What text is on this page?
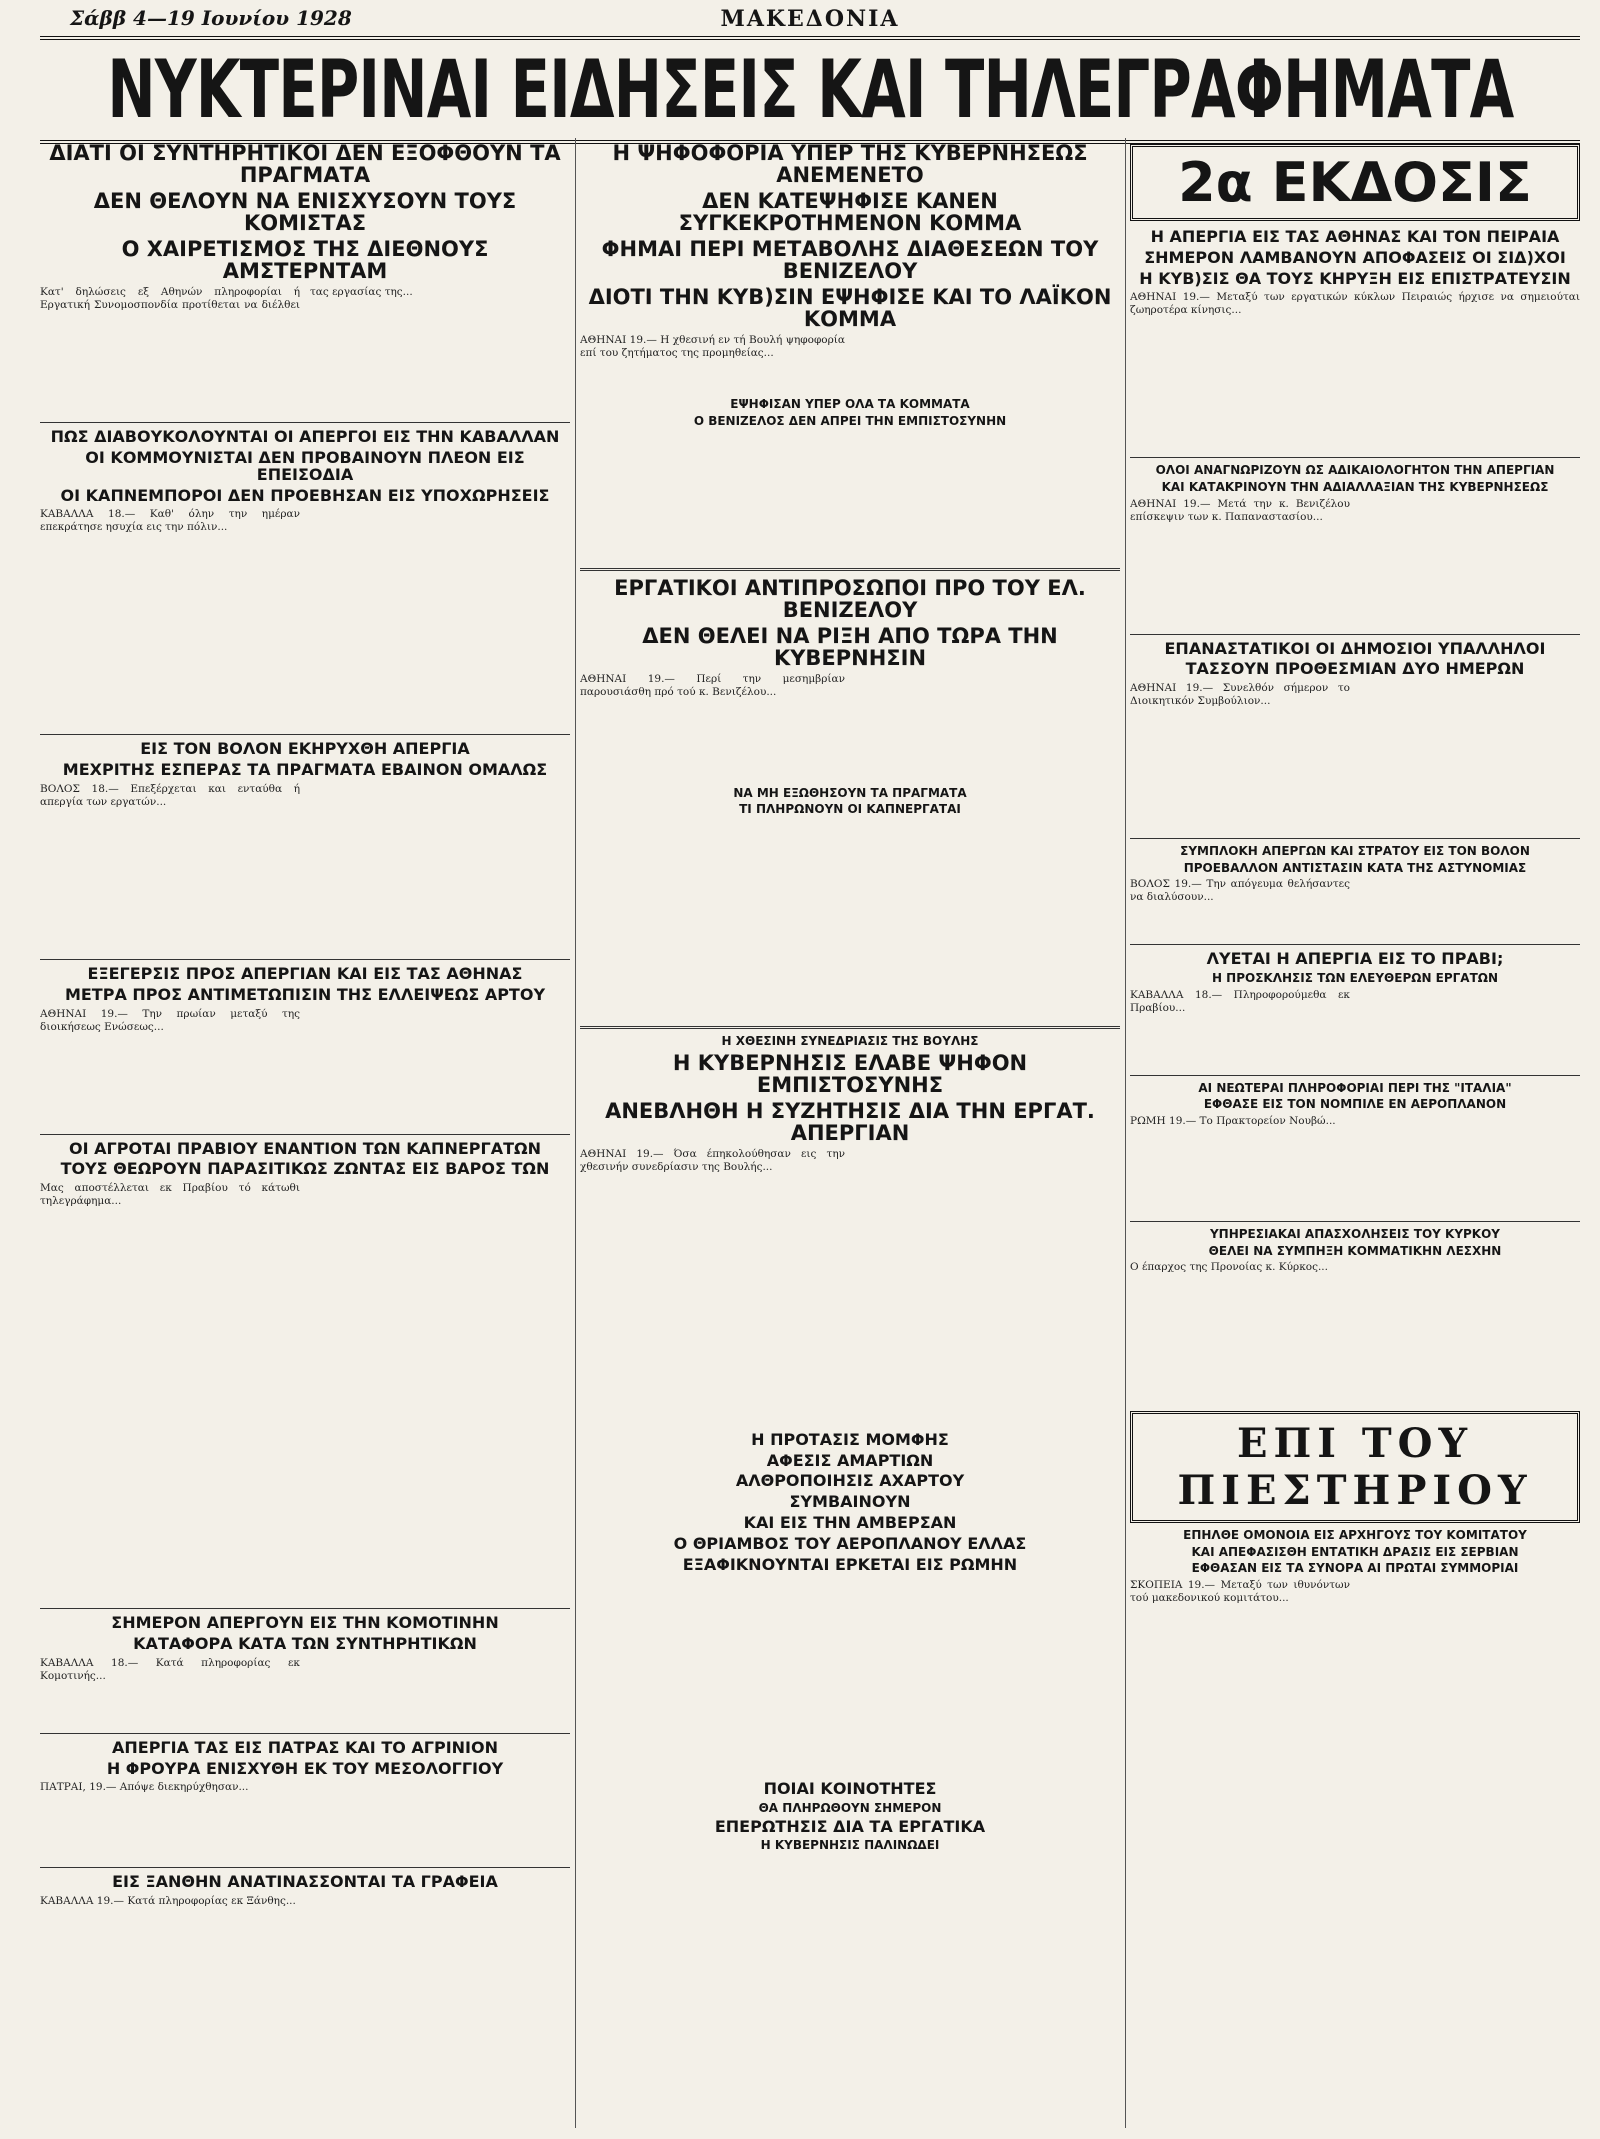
Σάββ 4—19 Ιουνίου 1928	ΜΑΚΕΔΟΝΙΑ
ΝΥΚΤΕΡΙΝΑΙ ΕΙΔΗΣΕΙΣ ΚΑΙ ΤΗΛΕΓΡΑΦΗΜΑΤΑ
ΔΙΑΤΙ ΟΙ ΣΥΝΤΗΡΗΤΙΚΟΙ ΔΕΝ ΕΞΟΦΘΟΥΝ ΤΑ ΠΡΑΓΜΑΤΑ
ΔΕΝ ΘΕΛΟΥΝ ΝΑ ΕΝΙΣΧΥΣΟΥΝ ΤΟΥΣ ΚΟΜΙΣΤΑΣ
Ο ΧΑΙΡΕΤΙΣΜΟΣ ΤΗΣ ΔΙΕΘΝΟΥΣ ΑΜΣΤΕΡΝΤΑΜ
Κατ' δηλώσεις εξ Αθηνών πληροφορίαι ή Εργατική Συνομοσπονδία προτίθεται να διέλθει τας εργασίας της...
ΠΩΣ ΔΙΑΒΟΥΚΟΛΟΥΝΤΑΙ ΟΙ ΑΠΕΡΓΟΙ ΕΙΣ ΤΗΝ ΚΑΒΑΛΛΑΝ
ΟΙ ΚΟΜΜΟΥΝΙΣΤΑΙ ΔΕΝ ΠΡΟΒΑΙΝΟΥΝ ΠΛΕΟΝ ΕΙΣ ΕΠΕΙΣΟΔΙΑ
ΟΙ ΚΑΠΝΕΜΠΟΡΟΙ ΔΕΝ ΠΡΟΕΒΗΣΑΝ ΕΙΣ ΥΠΟΧΩΡΗΣΕΙΣ
ΚΑΒΑΛΛΑ 18.— Καθ' όλην την ημέραν επεκράτησε ησυχία εις την πόλιν...
ΕΙΣ ΤΟΝ ΒΟΛΟΝ ΕΚΗΡΥΧΘΗ ΑΠΕΡΓΙΑ
ΜΕΧΡΙΤΗΣ ΕΣΠΕΡΑΣ ΤΑ ΠΡΑΓΜΑΤΑ ΕΒΑΙΝΟΝ ΟΜΑΛΩΣ
ΒΟΛΟΣ 18.— Επεξέρχεται και ενταύθα ή απεργία των εργατών...
ΕΞΕΓΕΡΣΙΣ ΠΡΟΣ ΑΠΕΡΓΙΑΝ ΚΑΙ ΕΙΣ ΤΑΣ ΑΘΗΝΑΣ
ΜΕΤΡΑ ΠΡΟΣ ΑΝΤΙΜΕΤΩΠΙΣΙΝ ΤΗΣ ΕΛΛΕΙΨΕΩΣ ΑΡΤΟΥ
ΑΘΗΝΑΙ 19.— Την πρωίαν μεταξύ της διοικήσεως Ενώσεως...
ΟΙ ΑΓΡΟΤΑΙ ΠΡΑΒΙΟΥ ΕΝΑΝΤΙΟΝ ΤΩΝ ΚΑΠΝΕΡΓΑΤΩΝ
ΤΟΥΣ ΘΕΩΡΟΥΝ ΠΑΡΑΣΙΤΙΚΩΣ ΖΩΝΤΑΣ ΕΙΣ ΒΑΡΟΣ ΤΩΝ
Μας αποστέλλεται εκ Πραβίου τό κάτωθι τηλεγράφημα...
ΣΗΜΕΡΟΝ ΑΠΕΡΓΟΥΝ ΕΙΣ ΤΗΝ ΚΟΜΟΤΙΝΗΝ
ΚΑΤΑΦΟΡΑ ΚΑΤΑ ΤΩΝ ΣΥΝΤΗΡΗΤΙΚΩΝ
ΚΑΒΑΛΛΑ 18.— Κατά πληροφορίας εκ Κομοτινής...
ΑΠΕΡΓΙΑ ΤΑΣ ΕΙΣ ΠΑΤΡΑΣ ΚΑΙ ΤΟ ΑΓΡΙΝΙΟΝ
Η ΦΡΟΥΡΑ ΕΝΙΣΧΥΘΗ ΕΚ ΤΟΥ ΜΕΣΟΛΟΓΓΙΟΥ
ΠΑΤΡΑΙ, 19.— Απόψε διεκηρύχθησαν...
ΕΙΣ ΞΑΝΘΗΝ ΑΝΑΤΙΝΑΣΣΟΝΤΑΙ ΤΑ ΓΡΑΦΕΙΑ
ΚΑΒΑΛΛΑ 19.— Κατά πληροφορίας εκ Ξάνθης...
Η ΨΗΦΟΦΟΡΙΑ ΥΠΕΡ ΤΗΣ ΚΥΒΕΡΝΗΣΕΩΣ ΑΝΕΜΕΝΕΤΟ
ΔΕΝ ΚΑΤΕΨΗΦΙΣΕ ΚΑΝΕΝ ΣΥΓΚΕΚΡΟΤΗΜΕΝΟΝ ΚΟΜΜΑ
ΦΗΜΑΙ ΠΕΡΙ ΜΕΤΑΒΟΛΗΣ ΔΙΑΘΕΣΕΩΝ ΤΟΥ ΒΕΝΙΖΕΛΟΥ
ΔΙΟΤΙ ΤΗΝ ΚΥΒ)ΣΙΝ ΕΨΗΦΙΣΕ ΚΑΙ ΤΟ ΛΑΪΚΟΝ ΚΟΜΜΑ
ΑΘΗΝΑΙ 19.— Η χθεσινή εν τή Βουλή ψηφοφορία επί του ζητήματος της προμηθείας...
ΕΨΗΦΙΣΑΝ ΥΠΕΡ ΟΛΑ ΤΑ ΚΟΜΜΑΤΑ
Ο ΒΕΝΙΖΕΛΟΣ ΔΕΝ ΑΠΡΕΙ ΤΗΝ ΕΜΠΙΣΤΟΣΥΝΗΝ
ΕΡΓΑΤΙΚΟΙ ΑΝΤΙΠΡΟΣΩΠΟΙ ΠΡΟ ΤΟΥ ΕΛ. ΒΕΝΙΖΕΛΟΥ
ΔΕΝ ΘΕΛΕΙ ΝΑ ΡΙΞΗ ΑΠΟ ΤΩΡΑ ΤΗΝ ΚΥΒΕΡΝΗΣΙΝ
ΑΘΗΝΑΙ 19.— Περί την μεσημβρίαν παρουσιάσθη πρό τού κ. Βενιζέλου...
ΝΑ ΜΗ ΕΞΩΘΗΣΟΥΝ ΤΑ ΠΡΑΓΜΑΤΑ
ΤΙ ΠΛΗΡΩΝΟΥΝ ΟΙ ΚΑΠΝΕΡΓΑΤΑΙ
Η ΧΘΕΣΙΝΗ ΣΥΝΕΔΡΙΑΣΙΣ ΤΗΣ ΒΟΥΛΗΣ
Η ΚΥΒΕΡΝΗΣΙΣ ΕΛΑΒΕ ΨΗΦΟΝ ΕΜΠΙΣΤΟΣΥΝΗΣ
ΑΝΕΒΛΗΘΗ Η ΣΥΖΗΤΗΣΙΣ ΔΙΑ ΤΗΝ ΕΡΓΑΤ. ΑΠΕΡΓΙΑΝ
ΑΘΗΝΑΙ 19.— Όσα έπηκολούθησαν εις την χθεσινήν συνεδρίασιν της Βουλής...
Η ΠΡΟΤΑΣΙΣ ΜΟΜΦΗΣ
ΑΦΕΣΙΣ ΑΜΑΡΤΙΩΝ
ΑΛΘΡΟΠΟΙΗΣΙΣ ΑΧΑΡΤΟΥ
ΣΥΜΒΑΙΝΟΥΝ
ΚΑΙ ΕΙΣ ΤΗΝ ΑΜΒΕΡΣΑΝ
Ο ΘΡΙΑΜΒΟΣ ΤΟΥ ΑΕΡΟΠΛΑΝΟΥ ΕΛΛΑΣ
ΕΞΑΦΙΚΝΟΥΝΤΑΙ ΕΡΚΕΤΑΙ ΕΙΣ ΡΩΜΗΝ
ΠΟΙΑΙ ΚΟΙΝΟΤΗΤΕΣ
ΘΑ ΠΛΗΡΩΘΟΥΝ ΣΗΜΕΡΟΝ
ΕΠΕΡΩΤΗΣΙΣ ΔΙΑ ΤΑ ΕΡΓΑΤΙΚΑ
Η ΚΥΒΕΡΝΗΣΙΣ ΠΑΛΙΝΩΔΕΙ
2α ΕΚΔΟΣΙΣ
Η ΑΠΕΡΓΙΑ ΕΙΣ ΤΑΣ ΑΘΗΝΑΣ ΚΑΙ ΤΟΝ ΠΕΙΡΑΙΑ
ΣΗΜΕΡΟΝ ΛΑΜΒΑΝΟΥΝ ΑΠΟΦΑΣΕΙΣ ΟΙ ΣΙΔ)ΧΟΙ
Η ΚΥΒ)ΣΙΣ ΘΑ ΤΟΥΣ ΚΗΡΥΞΗ ΕΙΣ ΕΠΙΣΤΡΑΤΕΥΣΙΝ
ΑΘΗΝΑΙ 19.— Μεταξύ των εργατικών κύκλων Πειραιώς ήρχισε να σημειούται ζωηροτέρα κίνησις...
ΟΛΟΙ ΑΝΑΓΝΩΡΙΖΟΥΝ ΩΣ ΑΔΙΚΑΙΟΛΟΓΗΤΟΝ ΤΗΝ ΑΠΕΡΓΙΑΝ
ΚΑΙ ΚΑΤΑΚΡΙΝΟΥΝ ΤΗΝ ΑΔΙΑΛΛΑΞΙΑΝ ΤΗΣ ΚΥΒΕΡΝΗΣΕΩΣ
ΑΘΗΝΑΙ 19.— Μετά την κ. Βενιζέλου επίσκεψιν των κ. Παπαναστασίου...
ΕΠΑΝΑΣΤΑΤΙΚΟΙ ΟΙ ΔΗΜΟΣΙΟΙ ΥΠΑΛΛΗΛΟΙ
ΤΑΣΣΟΥΝ ΠΡΟΘΕΣΜΙΑΝ ΔΥΟ ΗΜΕΡΩΝ
ΑΘΗΝΑΙ 19.— Συνελθόν σήμερον το Διοικητικόν Συμβούλιον...
ΣΥΜΠΛΟΚΗ ΑΠΕΡΓΩΝ ΚΑΙ ΣΤΡΑΤΟΥ ΕΙΣ ΤΟΝ ΒΟΛΟΝ
ΠΡΟΕΒΑΛΛΟΝ ΑΝΤΙΣΤΑΣΙΝ ΚΑΤΑ ΤΗΣ ΑΣΤΥΝΟΜΙΑΣ
ΒΟΛΟΣ 19.— Την απόγευμα θελήσαντες να διαλύσουν...
ΛΥΕΤΑΙ Η ΑΠΕΡΓΙΑ ΕΙΣ ΤΟ ΠΡΑΒΙ;
Η ΠΡΟΣΚΛΗΣΙΣ ΤΩΝ ΕΛΕΥΘΕΡΩΝ ΕΡΓΑΤΩΝ
ΚΑΒΑΛΛΑ 18.— Πληροφορούμεθα εκ Πραβίου...
ΑΙ ΝΕΩΤΕΡΑΙ ΠΛΗΡΟΦΟΡΙΑΙ ΠΕΡΙ ΤΗΣ "ΙΤΑΛΙΑ"
ΕΦΘΑΣΕ ΕΙΣ ΤΟΝ ΝΟΜΠΙΛΕ ΕΝ ΑΕΡΟΠΛΑΝΟΝ
ΡΩΜΗ 19.— Το Πρακτορείον Νουβώ...
ΥΠΗΡΕΣΙΑΚΑΙ ΑΠΑΣΧΟΛΗΣΕΙΣ ΤΟΥ ΚΥΡΚΟΥ
ΘΕΛΕΙ ΝΑ ΣΥΜΠΗΞΗ ΚΟΜΜΑΤΙΚΗΝ ΛΕΣΧΗΝ
Ο έπαρχος της Προνοίας κ. Κύρκος...
ΕΠΙ ΤΟΥ ΠΙΕΣΤΗΡΙΟΥ
ΕΠΗΛΘΕ ΟΜΟΝΟΙΑ ΕΙΣ ΑΡΧΗΓΟΥΣ ΤΟΥ ΚΟΜΙΤΑΤΟΥ
ΚΑΙ ΑΠΕΦΑΣΙΣΘΗ ΕΝΤΑΤΙΚΗ ΔΡΑΣΙΣ ΕΙΣ ΣΕΡΒΙΑΝ
ΕΦΘΑΣΑΝ ΕΙΣ ΤΑ ΣΥΝΟΡΑ ΑΙ ΠΡΩΤΑΙ ΣΥΜΜΟΡΙΑΙ
ΣΚΟΠΕΙΑ 19.— Μεταξύ των ιθυνόντων τού μακεδονικού κομιτάτου...
